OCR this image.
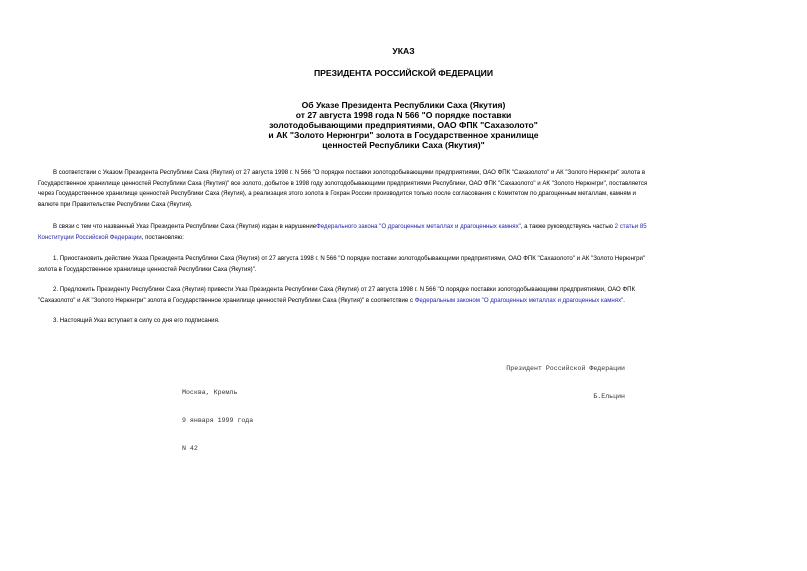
УКАЗ
ПРЕЗИДЕНТА РОССИЙСКОЙ ФЕДЕРАЦИИ
Об Указе Президента Республики Саха (Якутия)
от 27 августа 1998 года N 566 "О порядке поставки
золотодобывающими предприятиями, ОАО ФПК "Сахазолото"
и АК "Золото Нерюнгри" золота в Государственное хранилище
ценностей Республики Саха (Якутия)"
В соответствии с Указом Президента Республики Саха (Якутия) от 27 августа 1998 г. N 566 "О порядке поставки золотодобывающими предприятиями, ОАО ФПК "Сахазолото" и АК "Золото Нерюнгри" золота в
Государственное хранилище ценностей Республики Саха (Якутия)" все золото, добытое в 1998 году золотодобывающими предприятиями Республики, ОАО ФПК "Сахазолото" и АК "Золото Нерюнгри", поставляется
через Государственное хранилище ценностей Республики Саха (Якутия), а реализация этого золота в Гохран России производится только после согласования с Комитетом по драгоценным металлам, камням и
валюте при Правительстве Республики Саха (Якутия).
В связи с тем что названный Указ Президента Республики Саха (Якутия) издан в нарушениеФедерального закона "О драгоценных металлах и драгоценных камнях", а также руководствуясь частью 2 статьи 85
Конституции Российской Федерации, постановляю:
1. Приостановить действие Указа Президента Республики Саха (Якутия) от 27 августа 1998 г. N 566 "О порядке поставки золотодобывающими предприятиями, ОАО ФПК "Сахазолото" и АК "Золото Нерюнгри"
золота в Государственное хранилище ценностей Республики Саха (Якутия)".
2. Предложить Президенту Республики Саха (Якутия) привести Указ Президента Республики Саха (Якутия) от 27 августа 1998 г. N 566 "О порядке поставки золотодобывающими предприятиями, ОАО ФПК
"Сахазолото" и АК "Золото Нерюнгри" золота в Государственное хранилище ценностей Республики Саха (Якутия)" в соответствие с Федеральным законом "О драгоценных металлах и драгоценных камнях".
3. Настоящий Указ вступает в силу со дня его подписания.

Президент Российской Федерации

Б.Ельцин

Москва, Кремль

9 января 1999 года

N 42
